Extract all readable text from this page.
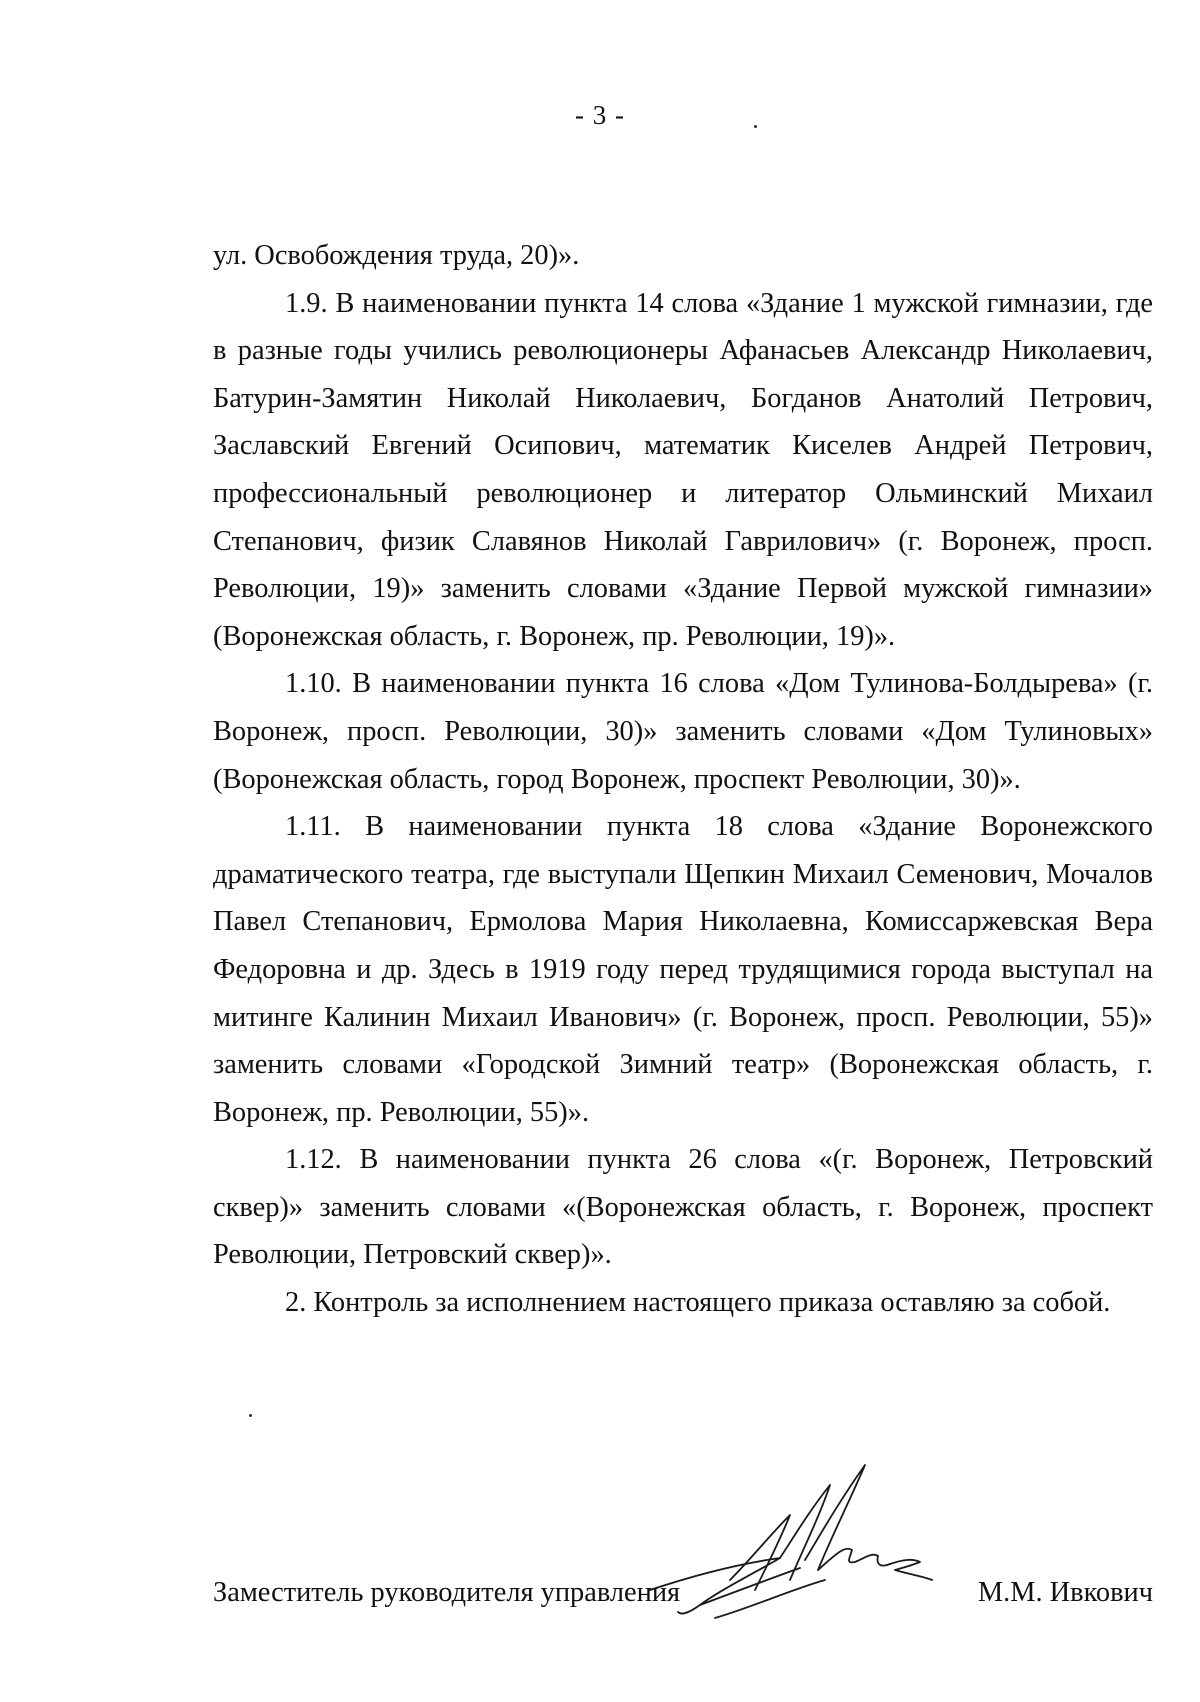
- 3 -

ул. Освобождения труда, 20)».

1.9. В наименовании пункта 14 слова «Здание 1 мужской гимназии, где в разные годы учились революционеры Афанасьев Александр Николаевич, Батурин-Замятин Николай Николаевич, Богданов Анатолий Петрович, Заславский Евгений Осипович, математик Киселев Андрей Петрович, профессиональный революционер и литератор Ольминский Михаил Степанович, физик Славянов Николай Гаврилович» (г. Воронеж, просп. Революции, 19)» заменить словами «Здание Первой мужской гимназии» (Воронежская область, г. Воронеж, пр. Революции, 19)».

1.10. В наименовании пункта 16 слова «Дом Тулинова-Болдырева» (г. Воронеж, просп. Революции, 30)» заменить словами «Дом Тулиновых» (Воронежская область, город Воронеж, проспект Революции, 30)».

1.11. В наименовании пункта 18 слова «Здание Воронежского драматического театра, где выступали Щепкин Михаил Семенович, Мочалов Павел Степанович, Ермолова Мария Николаевна, Комиссаржевская Вера Федоровна и др. Здесь в 1919 году перед трудящимися города выступал на митинге Калинин Михаил Иванович» (г. Воронеж, просп. Революции, 55)» заменить словами «Городской Зимний театр» (Воронежская область, г. Воронеж, пр. Революции, 55)».

1.12. В наименовании пункта 26 слова «(г. Воронеж, Петровский сквер)» заменить словами «(Воронежская область, г. Воронеж, проспект Революции, Петровский сквер)».

2. Контроль за исполнением настоящего приказа оставляю за собой.

Заместитель руководителя управления	М.М. Ивкович
